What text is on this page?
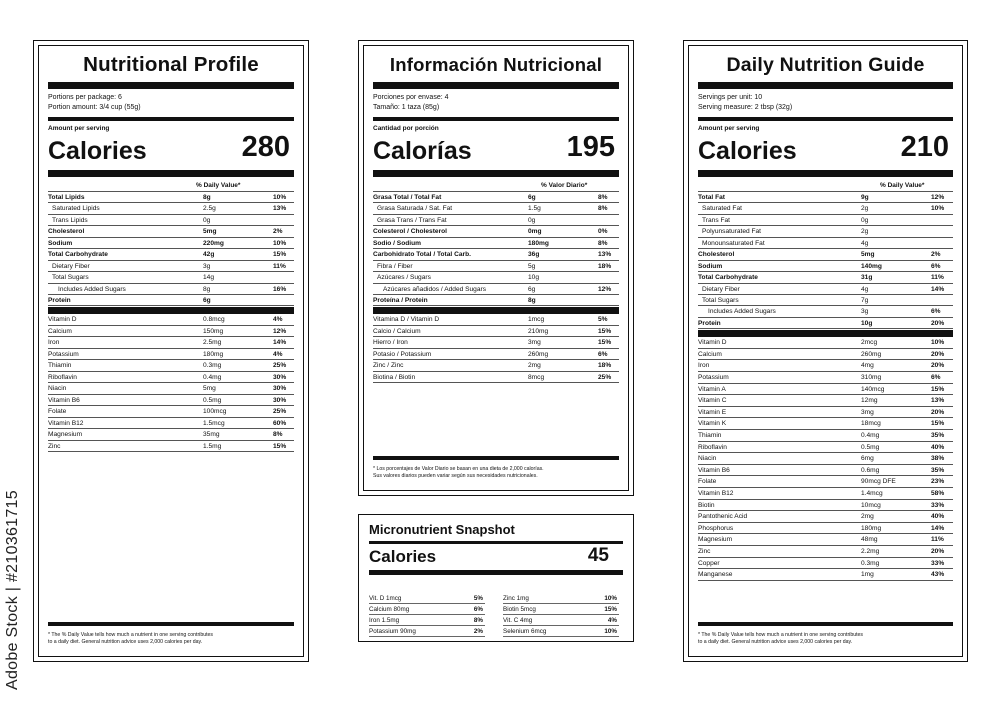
Adobe Stock | #210361715
Nutritional Profile
Portions per package: 6
Portion amount: 3/4 cup (55g)
Amount per serving
Calories	280
% Daily Value*
Total Lipids	8g	10%
Saturated Lipids	2.5g	13%
Trans Lipids	0g
Cholesterol	5mg	2%
Sodium	220mg	10%
Total Carbohydrate	42g	15%
Dietary Fiber	3g	11%
Total Sugars	14g
Includes Added Sugars	8g	16%
Protein	6g
Vitamin D	0.8mcg	4%
Calcium	150mg	12%
Iron	2.5mg	14%
Potassium	180mg	4%
Thiamin	0.3mg	25%
Riboflavin	0.4mg	30%
Niacin	5mg	30%
Vitamin B6	0.5mg	30%
Folate	100mcg	25%
Vitamin B12	1.5mcg	60%
Magnesium	35mg	8%
Zinc	1.5mg	15%
* The % Daily Value tells how much a nutrient in one serving contributes
to a daily diet. General nutrition advice uses 2,000 calories per day.
Información Nutricional
Porciones por envase: 4
Tamaño: 1 taza (85g)
Cantidad por porción
Calorías	195
% Valor Diario*
Grasa Total / Total Fat	6g	8%
Grasa Saturada / Sat. Fat	1.5g	8%
Grasa Trans / Trans Fat	0g
Colesterol / Cholesterol	0mg	0%
Sodio / Sodium	180mg	8%
Carbohidrato Total / Total Carb.	36g	13%
Fibra / Fiber	5g	18%
Azúcares / Sugars	10g
Azúcares añadidos / Added Sugars	6g	12%
Proteína / Protein	8g
Vitamina D / Vitamin D	1mcg	5%
Calcio / Calcium	210mg	15%
Hierro / Iron	3mg	15%
Potasio / Potassium	260mg	6%
Zinc / Zinc	2mg	18%
Biotina / Biotin	8mcg	25%
* Los porcentajes de Valor Diario se basan en una dieta de 2,000 calorías.
Sus valores diarios pueden variar según sus necesidades nutricionales.
Micronutrient Snapshot
Calories	45
Vit. D 1mcg	5%
Calcium 80mg	6%
Iron 1.5mg	8%
Potassium 90mg	2%
Zinc 1mg	10%
Biotin 5mcg	15%
Vit. C 4mg	4%
Selenium 6mcg	10%
Daily Nutrition Guide
Servings per unit: 10
Serving measure: 2 tbsp (32g)
Amount per serving
Calories	210
% Daily Value*
Total Fat	9g	12%
Saturated Fat	2g	10%
Trans Fat	0g
Polyunsaturated Fat	2g
Monounsaturated Fat	4g
Cholesterol	5mg	2%
Sodium	140mg	6%
Total Carbohydrate	31g	11%
Dietary Fiber	4g	14%
Total Sugars	7g
Includes Added Sugars	3g	6%
Protein	10g	20%
Vitamin D	2mcg	10%
Calcium	260mg	20%
Iron	4mg	20%
Potassium	310mg	6%
Vitamin A	140mcg	15%
Vitamin C	12mg	13%
Vitamin E	3mg	20%
Vitamin K	18mcg	15%
Thiamin	0.4mg	35%
Riboflavin	0.5mg	40%
Niacin	6mg	38%
Vitamin B6	0.6mg	35%
Folate	90mcg DFE	23%
Vitamin B12	1.4mcg	58%
Biotin	10mcg	33%
Pantothenic Acid	2mg	40%
Phosphorus	180mg	14%
Magnesium	48mg	11%
Zinc	2.2mg	20%
Copper	0.3mg	33%
Manganese	1mg	43%
* The % Daily Value tells how much a nutrient in one serving contributes
to a daily diet. General nutrition advice uses 2,000 calories per day.
